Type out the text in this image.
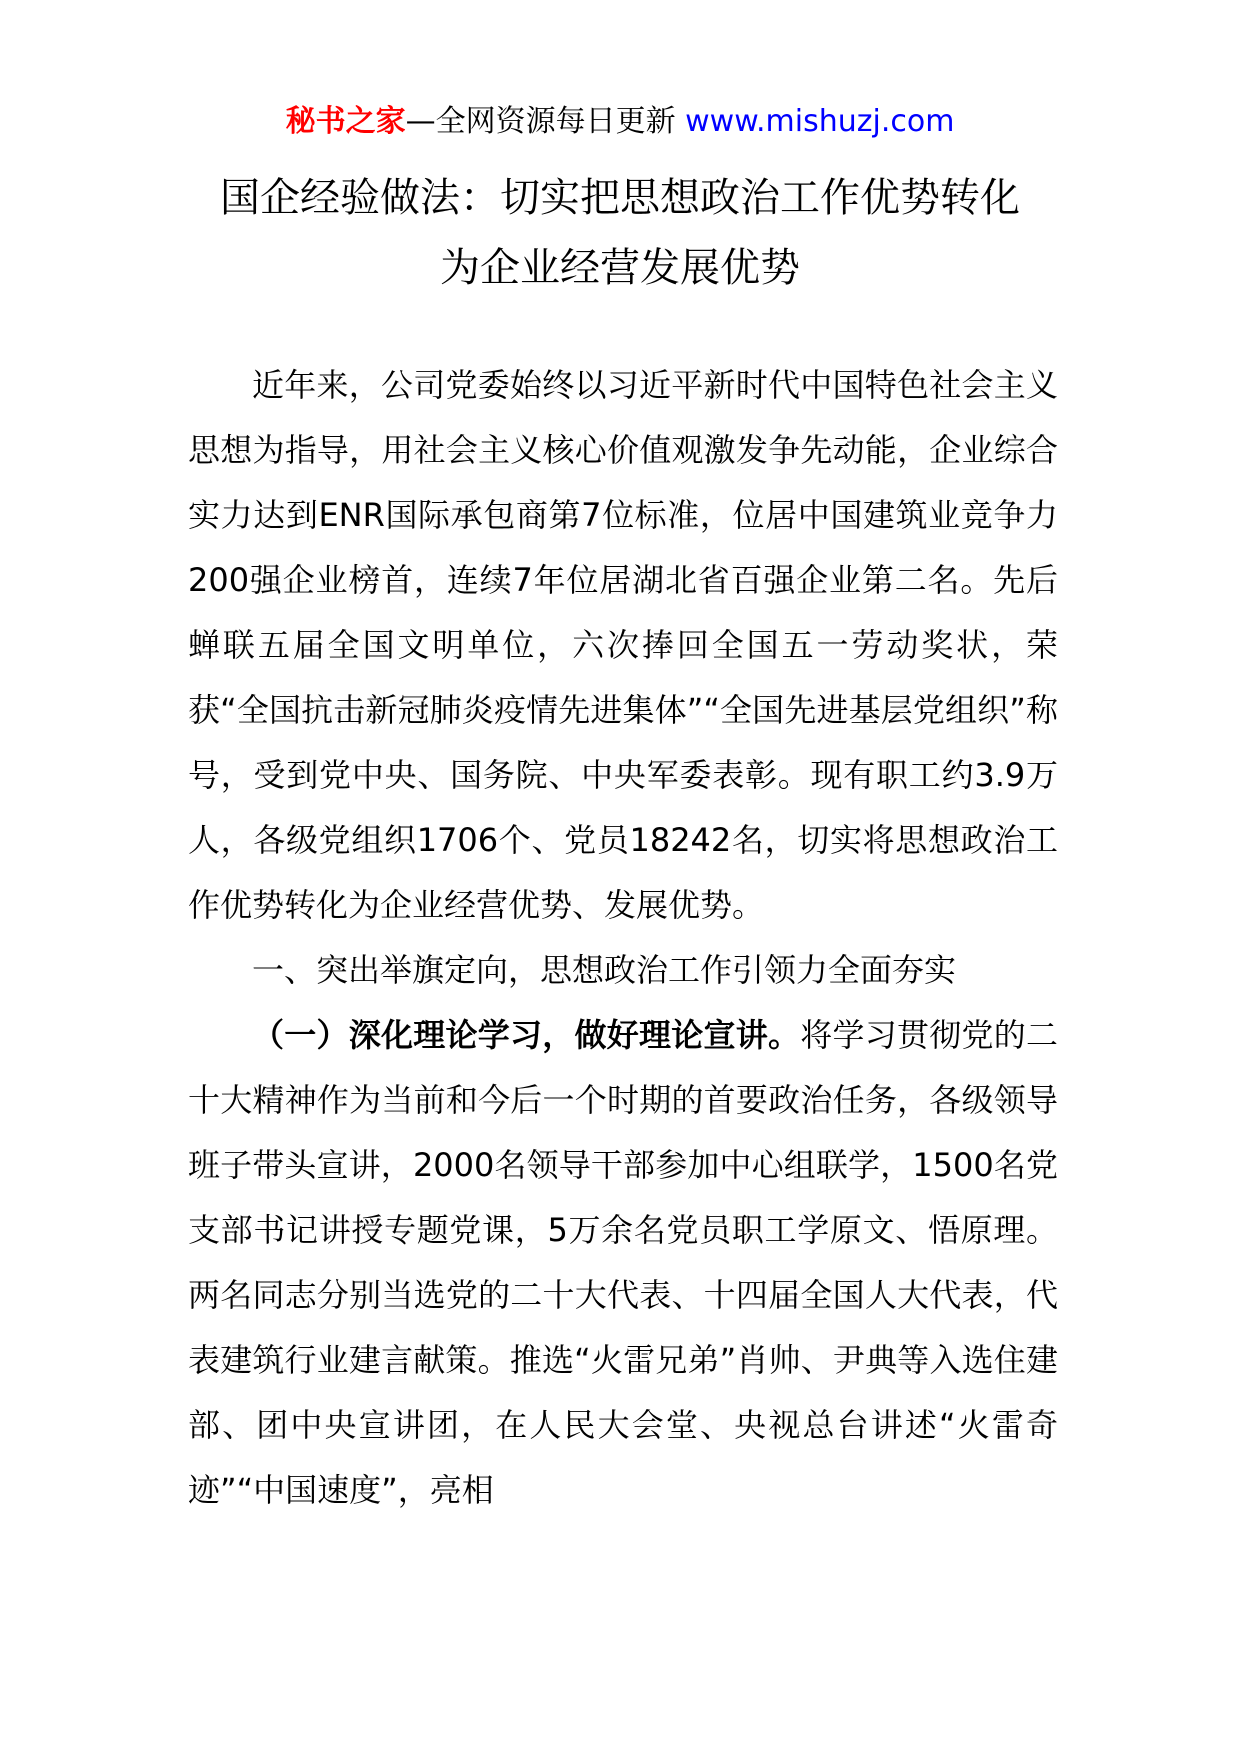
秘书之家—全网资源每日更新 www.mishuzj.com
国企经验做法：切实把思想政治工作优势转化
为企业经营发展优势

近年来，公司党委始终以习近平新时代中国特色社会主义思想为指导，用社会主义核心价值观激发争先动能，企业综合实力达到ENR国际承包商第7位标准，位居中国建筑业竞争力200强企业榜首，连续7年位居湖北省百强企业第二名。先后蝉联五届全国文明单位，六次捧回全国五一劳动奖状，荣获“全国抗击新冠肺炎疫情先进集体”“全国先进基层党组织”称号，受到党中央、国务院、中央军委表彰。现有职工约3.9万人，各级党组织1706个、党员18242名，切实将思想政治工作优势转化为企业经营优势、发展优势。

一、突出举旗定向，思想政治工作引领力全面夯实

（一）深化理论学习，做好理论宣讲。将学习贯彻党的二十大精神作为当前和今后一个时期的首要政治任务，各级领导班子带头宣讲，2000名领导干部参加中心组联学，1500名党支部书记讲授专题党课，5万余名党员职工学原文、悟原理。两名同志分别当选党的二十大代表、十四届全国人大代表，代表建筑行业建言献策。推选“火雷兄弟”肖帅、尹典等入选住建部、团中央宣讲团，在人民大会堂、央视总台讲述“火雷奇迹”“中国速度”，亮相
